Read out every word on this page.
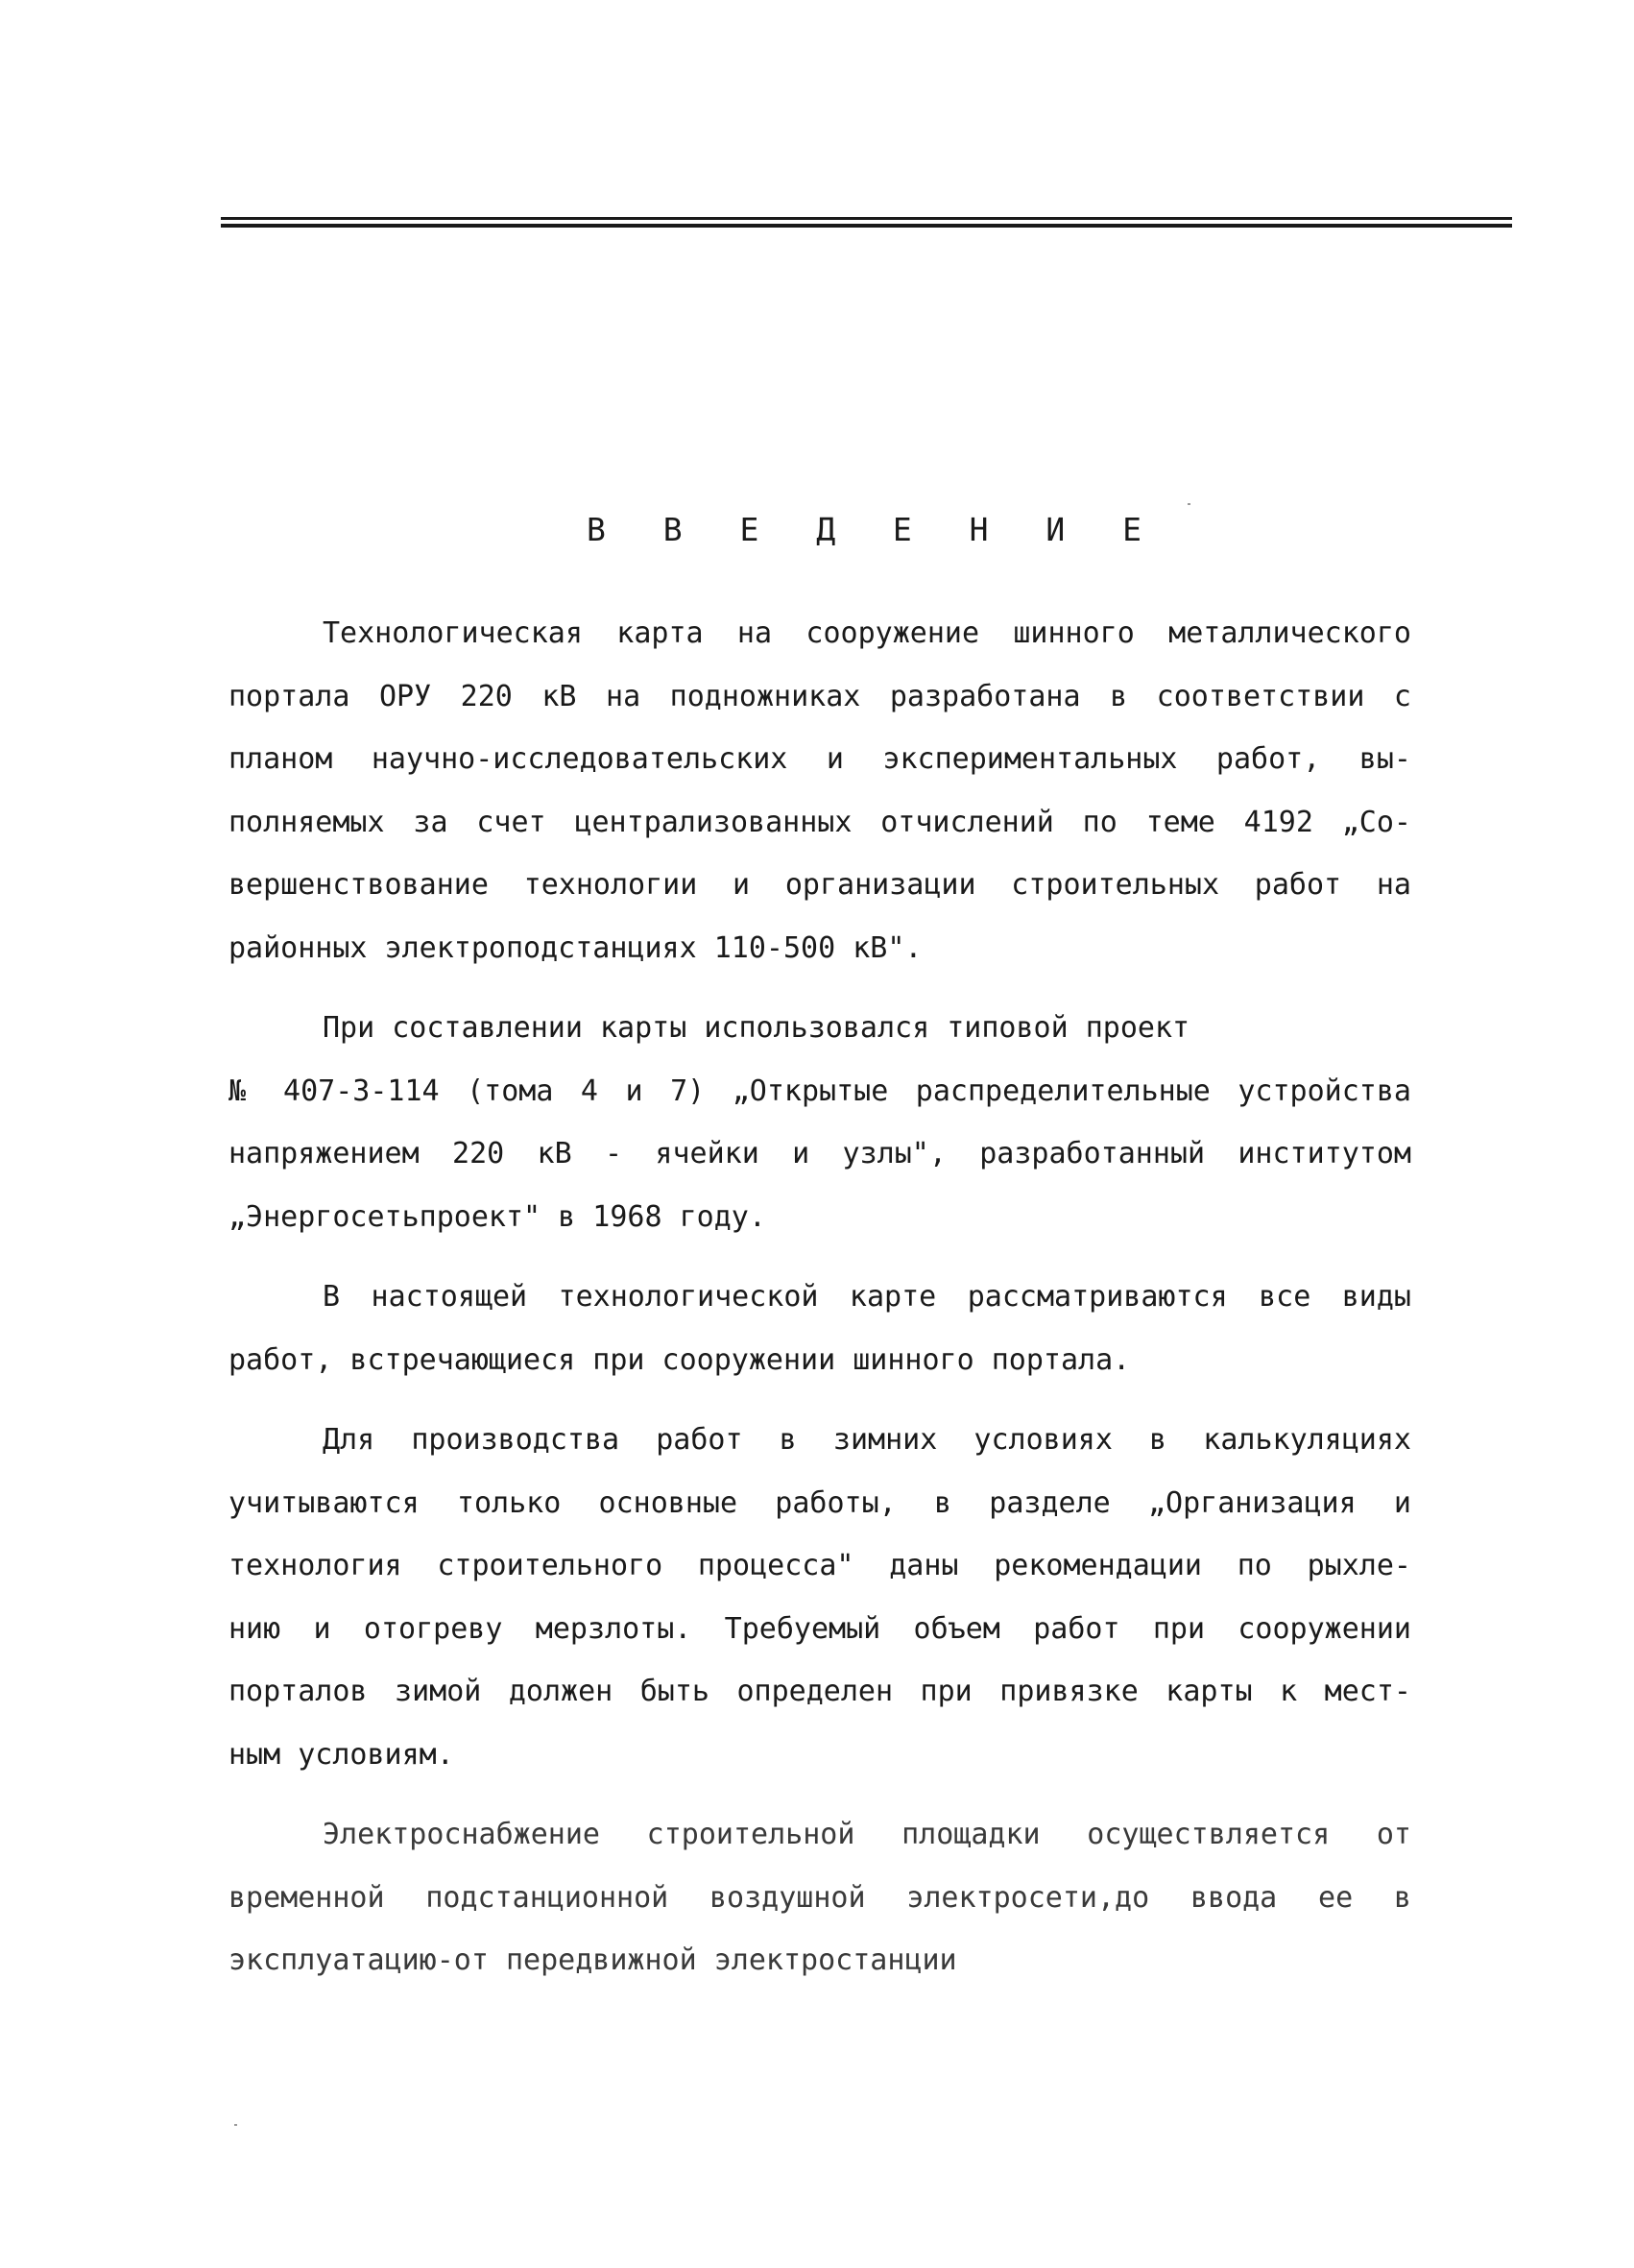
В В Е Д Е Н И Е
Технологическая карта на сооружение шинного металлического
портала ОРУ 220 кВ на подножниках разработана в соответствии с
планом научно-исследовательских и экспериментальных работ, вы-
полняемых за счет централизованных отчислений по теме 4192 „Со-
вершенствование технологии и организации строительных работ на
районных электроподстанциях 110-500 кВ".
При составлении карты использовался типовой проект
№ 407-3-114 (тома 4 и 7) „Открытые распределительные устройства
напряжением 220 кВ - ячейки и узлы", разработанный институтом
„Энергосетьпроект" в 1968 году.
В настоящей технологической карте рассматриваются все виды
работ, встречающиеся при сооружении шинного портала.
Для производства работ в зимних условиях в калькуляциях
учитываются только основные работы, в разделе „Организация и
технология строительного процесса" даны рекомендации по рыхле-
нию и отогреву мерзлоты. Требуемый объем работ при сооружении
порталов зимой должен быть определен при привязке карты к мест-
ным условиям.
Электроснабжение строительной площадки осуществляется от
временной подстанционной воздушной электросети,до ввода ее в
эксплуатацию-от передвижной электростанции
